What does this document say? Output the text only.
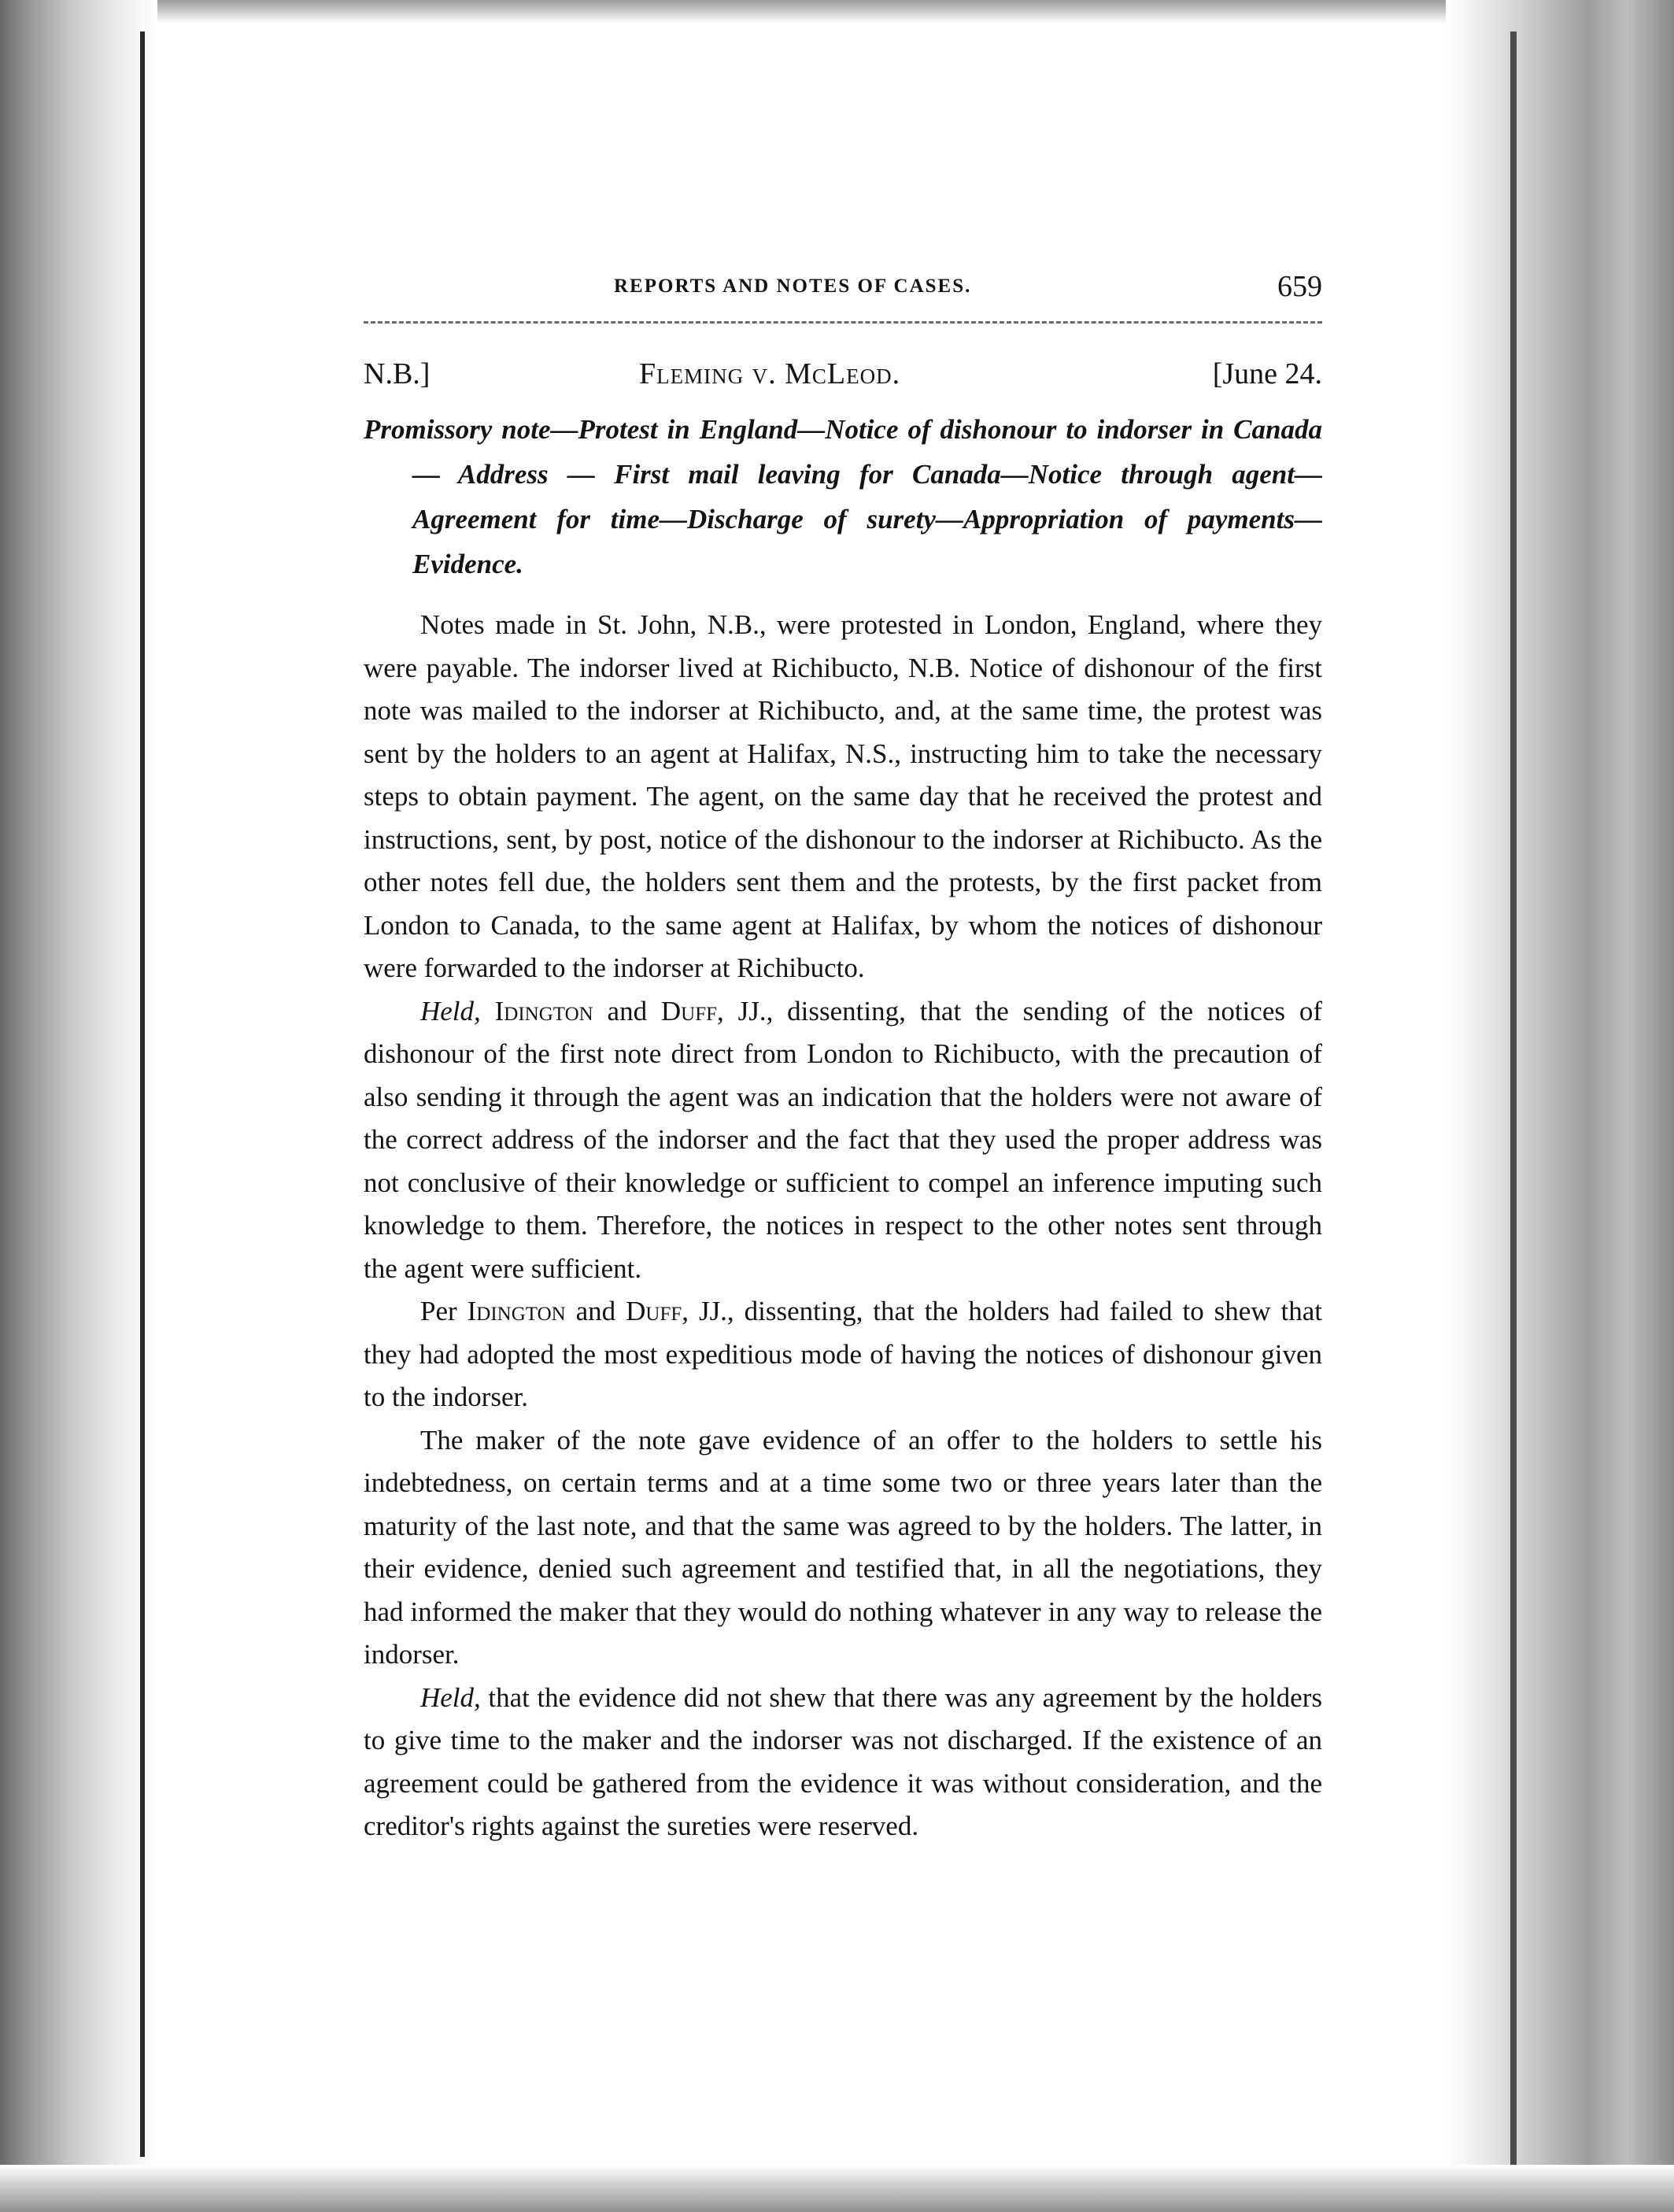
REPORTS AND NOTES OF CASES.	659
N.B.]	Fleming v. McLeod.	[June 24.
Promissory note—Protest in England—Notice of dishonour to indorser in Canada — Address — First mail leaving for Canada—Notice through agent—Agreement for time—Discharge of surety—Appropriation of payments—Evidence.

Notes made in St. John, N.B., were protested in London, England, where they were payable. The indorser lived at Richibucto, N.B. Notice of dishonour of the first note was mailed to the indorser at Richibucto, and, at the same time, the protest was sent by the holders to an agent at Halifax, N.S., instructing him to take the necessary steps to obtain payment. The agent, on the same day that he received the protest and instructions, sent, by post, notice of the dishonour to the indorser at Richibucto. As the other notes fell due, the holders sent them and the protests, by the first packet from London to Canada, to the same agent at Halifax, by whom the notices of dishonour were forwarded to the indorser at Richibucto.

Held, Idington and Duff, JJ., dissenting, that the sending of the notices of dishonour of the first note direct from London to Richibucto, with the precaution of also sending it through the agent was an indication that the holders were not aware of the correct address of the indorser and the fact that they used the proper address was not conclusive of their knowledge or sufficient to compel an inference imputing such knowledge to them. Therefore, the notices in respect to the other notes sent through the agent were sufficient.

Per Idington and Duff, JJ., dissenting, that the holders had failed to shew that they had adopted the most expeditious mode of having the notices of dishonour given to the indorser.

The maker of the note gave evidence of an offer to the holders to settle his indebtedness, on certain terms and at a time some two or three years later than the maturity of the last note, and that the same was agreed to by the holders. The latter, in their evidence, denied such agreement and testified that, in all the negotiations, they had informed the maker that they would do nothing whatever in any way to release the indorser.

Held, that the evidence did not shew that there was any agreement by the holders to give time to the maker and the indorser was not discharged. If the existence of an agreement could be gathered from the evidence it was without consideration, and the creditor's rights against the sureties were reserved.
